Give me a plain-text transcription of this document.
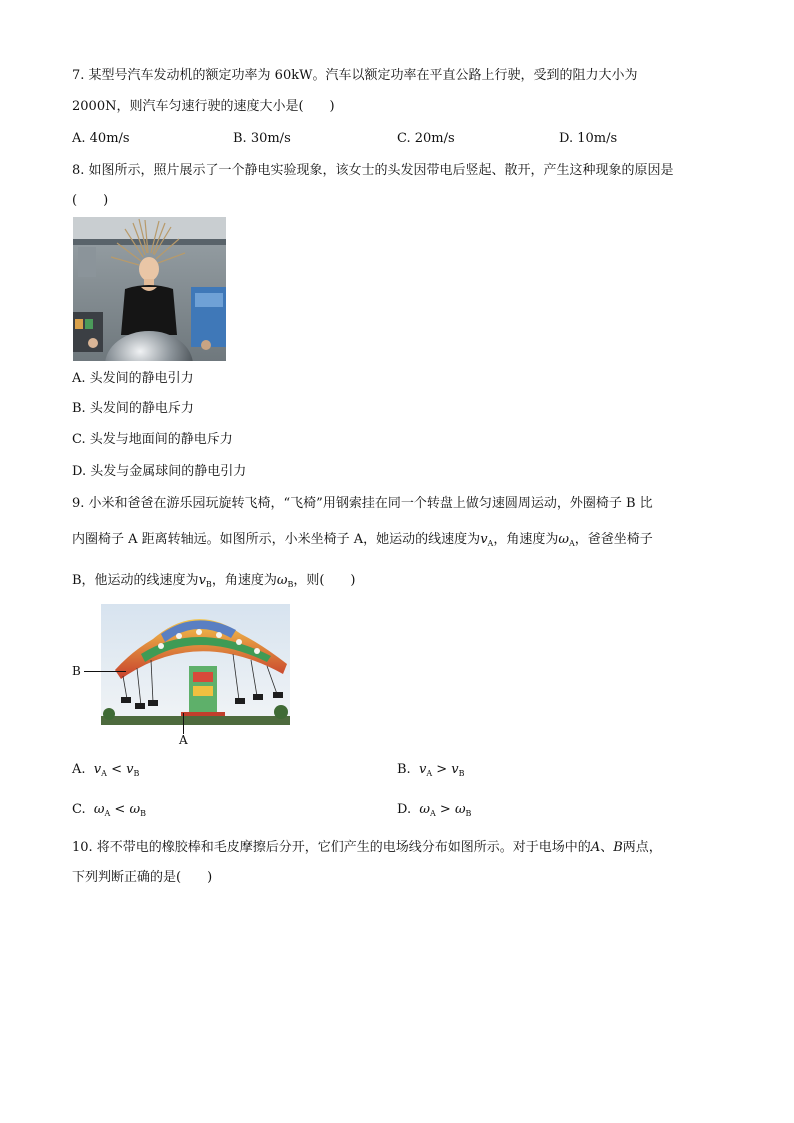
7. 某型号汽车发动机的额定功率为 60kW。汽车以额定功率在平直公路上行驶，受到的阻力大小为
2000N，则汽车匀速行驶的速度大小是(　　)
A. 40m/s	B. 30m/s	C. 20m/s	D. 10m/s
8. 如图所示，照片展示了一个静电实验现象，该女士的头发因带电后竖起、散开，产生这种现象的原因是
(　　)
A. 头发间的静电引力
B. 头发间的静电斥力
C. 头发与地面间的静电斥力
D. 头发与金属球间的静电引力
9. 小米和爸爸在游乐园玩旋转飞椅，“飞椅”用钢索挂在同一个转盘上做匀速圆周运动，外圈椅子 B 比
内圈椅子 A 距离转轴远。如图所示，小米坐椅子 A，她运动的线速度为$v_A$，角速度为$\omega_A$，爸爸坐椅子
B，他运动的线速度为$v_B$，角速度为$\omega_B$，则(　　)
B
A
A. $v_A < v_B$	B. $v_A > v_B$
C. $\omega_A < \omega_B$	D. $\omega_A > \omega_B$
10. 将不带电的橡胶棒和毛皮摩擦后分开，它们产生的电场线分布如图所示。对于电场中的A、B两点，
下列判断正确的是(　　)
